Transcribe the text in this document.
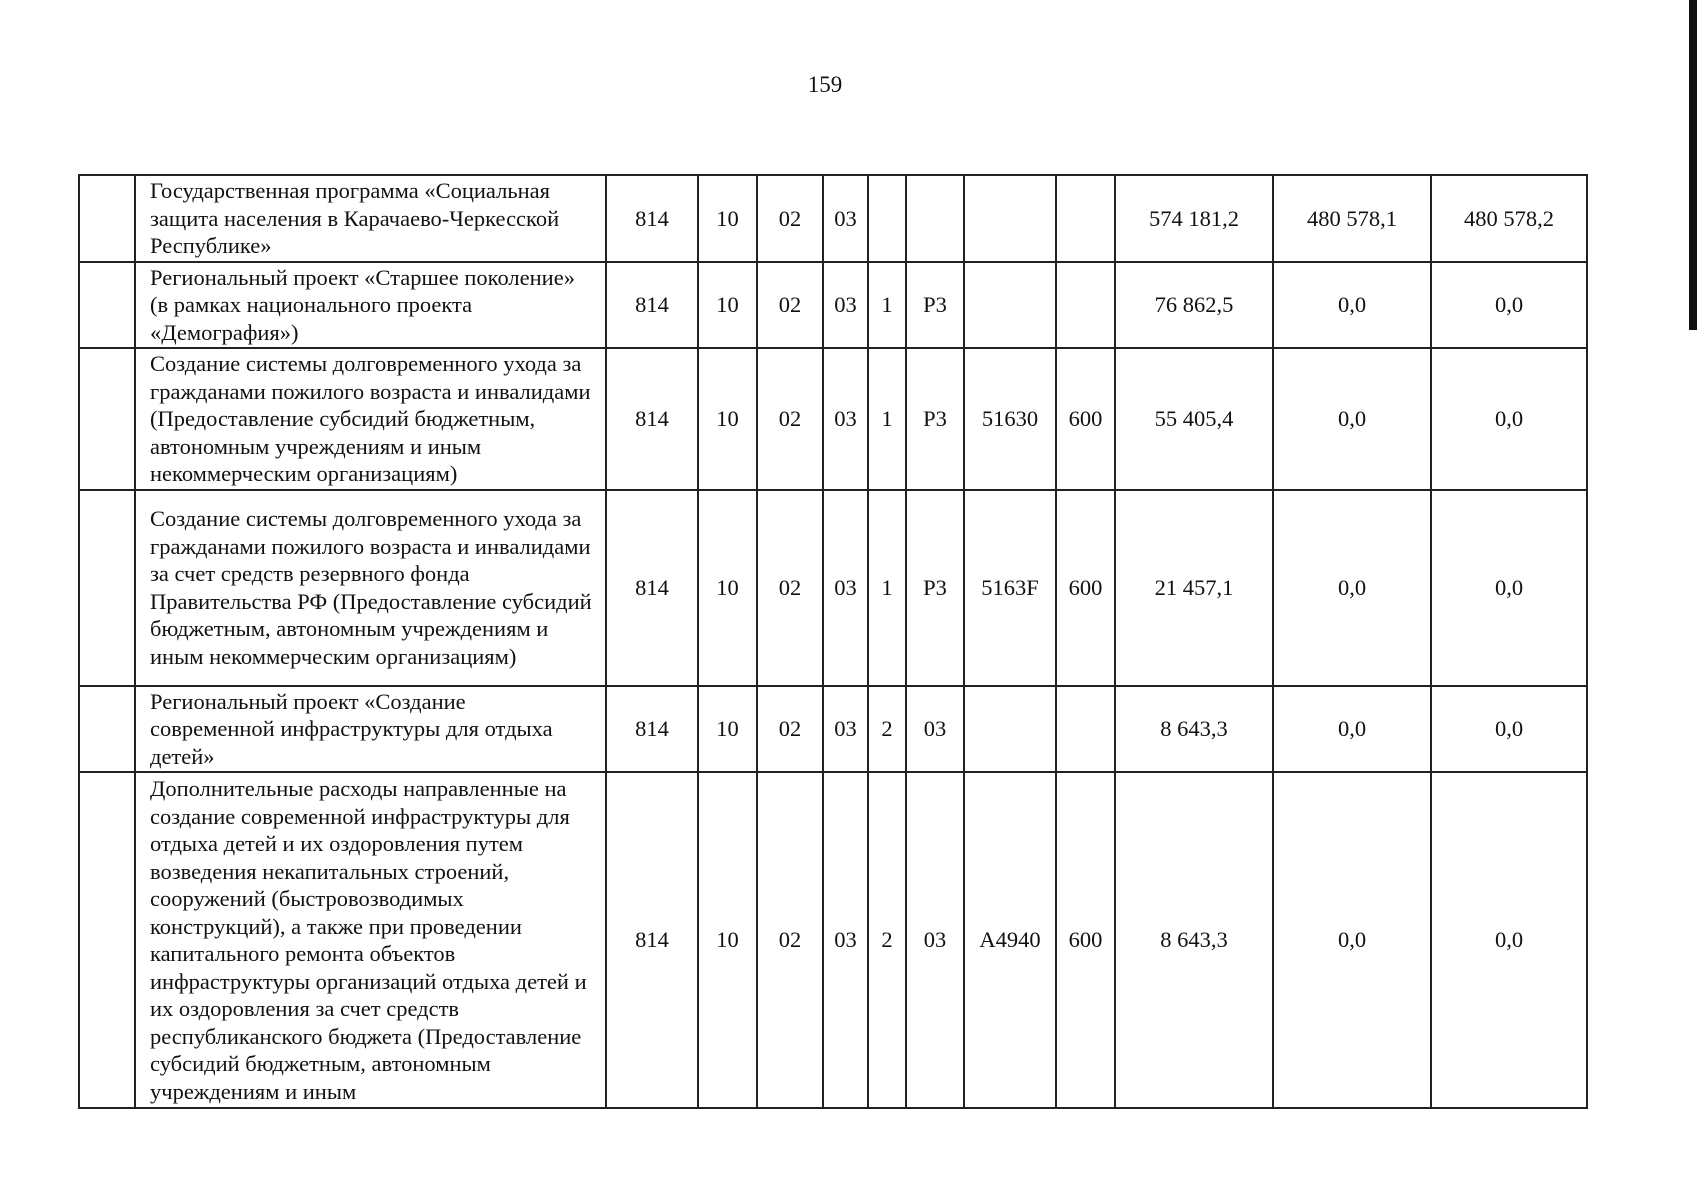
159
	Государственная программа «Социальная защита населения в Карачаево-Черкесской Республике»	814	10	02	03					574 181,2	480 578,1	480 578,2
	Региональный проект «Старшее поколение» (в рамках национального проекта «Демография»)	814	10	02	03	1	P3			76 862,5	0,0	0,0
	Создание системы долговременного ухода за гражданами пожилого возраста и инвалидами (Предоставление субсидий бюджетным, автономным учреждениям и иным некоммерческим организациям)	814	10	02	03	1	P3	51630	600	55 405,4	0,0	0,0
	Создание системы долговременного ухода за гражданами пожилого возраста и инвалидами за счет средств резервного фонда Правительства РФ (Предоставление субсидий бюджетным, автономным учреждениям и иным некоммерческим организациям)	814	10	02	03	1	P3	5163F	600	21 457,1	0,0	0,0
	Региональный проект «Создание современной инфраструктуры для отдыха детей»	814	10	02	03	2	03			8 643,3	0,0	0,0
	Дополнительные расходы направленные на создание современной инфраструктуры для отдыха детей и их оздоровления путем возведения некапитальных строений, сооружений (быстровозводимых конструкций), а также при проведении капитального ремонта объектов инфраструктуры организаций отдыха детей и их оздоровления за счет средств республиканского бюджета (Предоставление субсидий бюджетным, автономным учреждениям и иным	814	10	02	03	2	03	A4940	600	8 643,3	0,0	0,0
